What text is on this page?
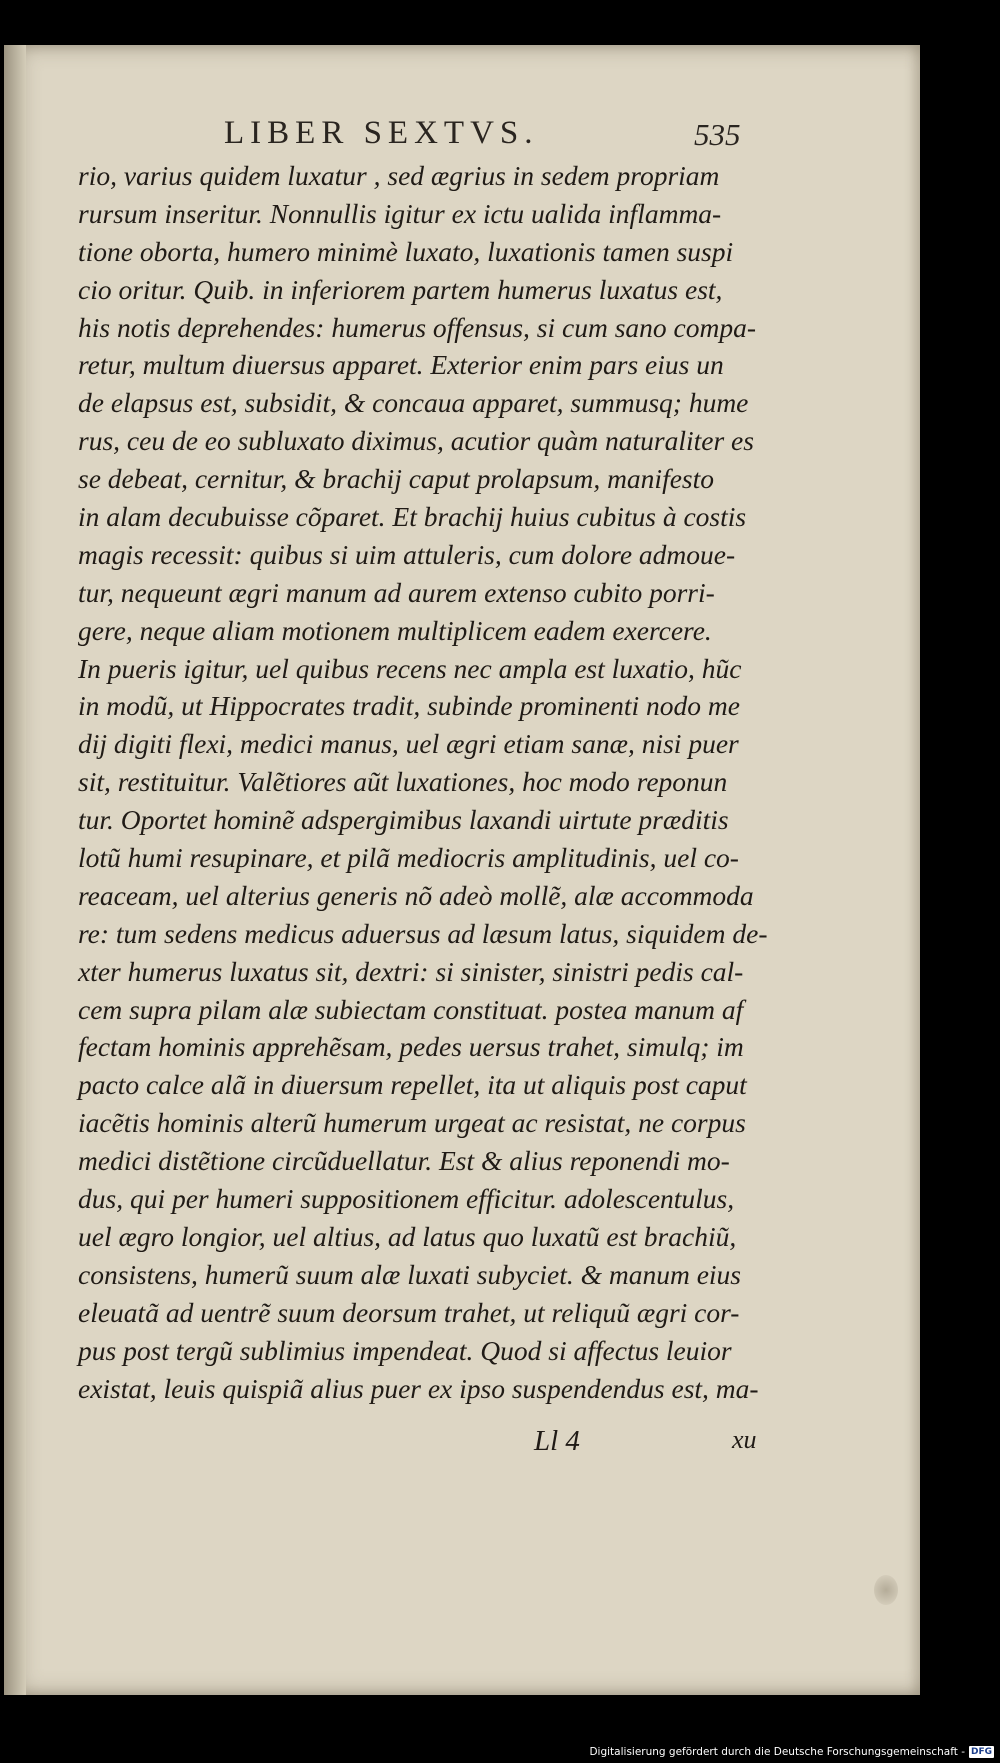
LIBER SEXTVS.	535
rio, varius quidem luxatur , sed ægrius in sedem propriam
rursum inseritur. Nonnullis igitur ex ictu ualida inflamma-
tione oborta, humero minimè luxato, luxationis tamen suspi
cio oritur. Quib. in inferiorem partem humerus luxatus est,
his notis deprehendes: humerus offensus, si cum sano compa-
retur, multum diuersus apparet. Exterior enim pars eius un
de elapsus est, subsidit, & concaua apparet, summusq; hume
rus, ceu de eo subluxato diximus, acutior quàm naturaliter es
se debeat, cernitur, & brachij caput prolapsum, manifesto
in alam decubuisse cõparet. Et brachij huius cubitus à costis
magis recessit: quibus si uim attuleris, cum dolore admoue-
tur, nequeunt ægri manum ad aurem extenso cubito porri-
gere, neque aliam motionem multiplicem eadem exercere.
In pueris igitur, uel quibus recens nec ampla est luxatio, hũc
in modũ, ut Hippocrates tradit, subinde prominenti nodo me
dij digiti flexi, medici manus, uel ægri etiam sanæ, nisi puer
sit, restituitur. Valẽtiores aũt luxationes, hoc modo reponun
tur. Oportet hominẽ adspergimibus laxandi uirtute præditis
lotũ humi resupinare, et pilã mediocris amplitudinis, uel co-
reaceam, uel alterius generis nõ adeò mollẽ, alæ accommoda
re: tum sedens medicus aduersus ad læsum latus, siquidem de-
xter humerus luxatus sit, dextri: si sinister, sinistri pedis cal-
cem supra pilam alæ subiectam constituat. postea manum af
fectam hominis apprehẽsam, pedes uersus trahet, simulq; im
pacto calce alã in diuersum repellet, ita ut aliquis post caput
iacẽtis hominis alterũ humerum urgeat ac resistat, ne corpus
medici distẽtione circũduellatur. Est & alius reponendi mo-
dus, qui per humeri suppositionem efficitur. adolescentulus,
uel ægro longior, uel altius, ad latus quo luxatũ est brachiũ,
consistens, humerũ suum alæ luxati subyciet. & manum eius
eleuatã ad uentrẽ suum deorsum trahet, ut reliquũ ægri cor-
pus post tergũ sublimius impendeat. Quod si affectus leuior
existat, leuis quispiã alius puer ex ipso suspendendus est, ma-
Ll 4	xu
Digitalisierung gefördert durch die Deutsche Forschungsgemeinschaft - DFG
